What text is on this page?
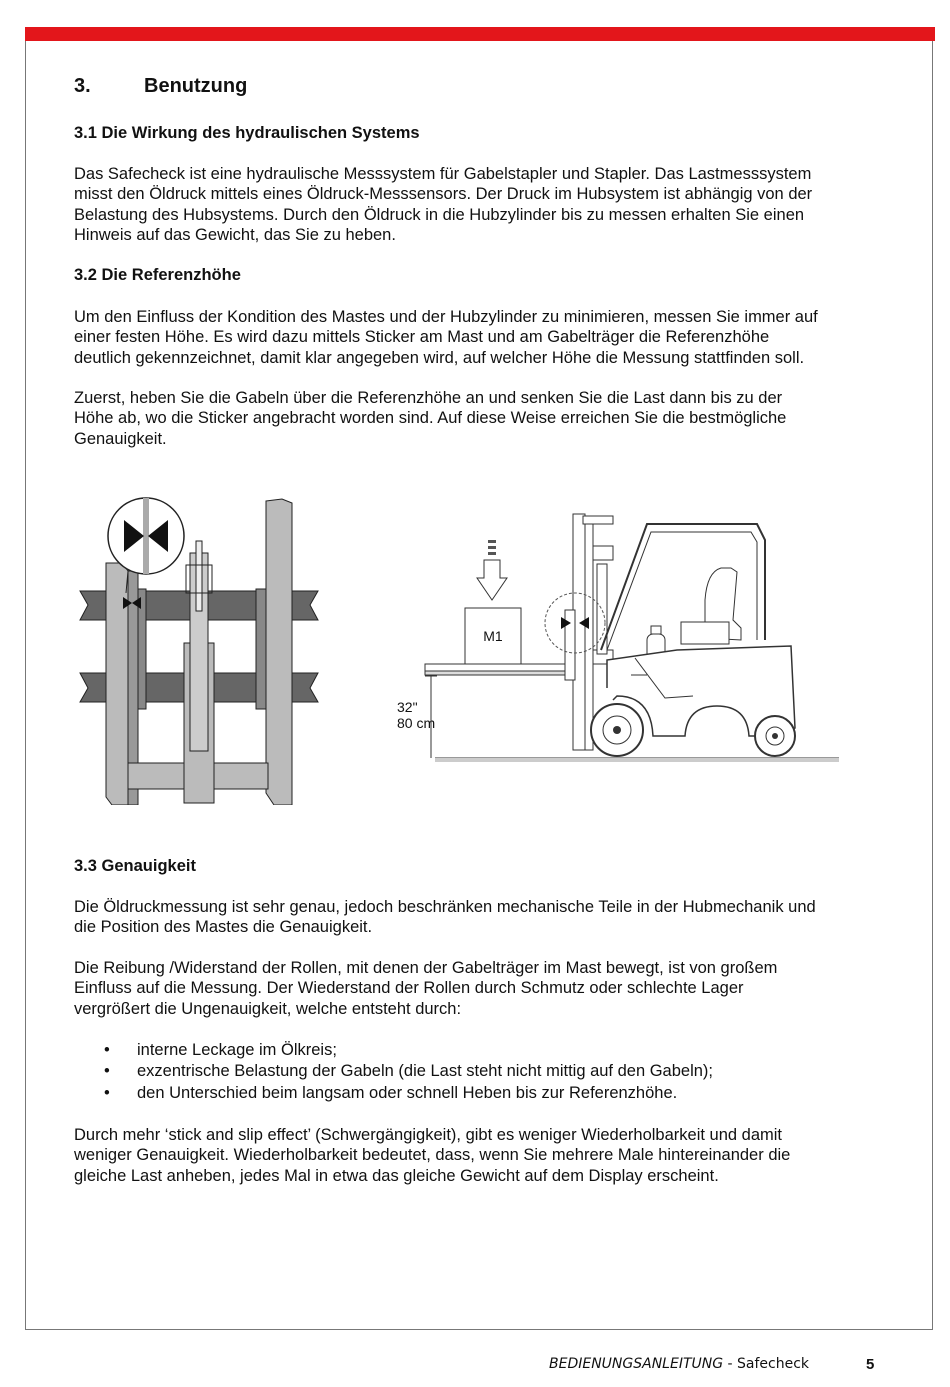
3.	Benutzung
3.1 Die Wirkung des hydraulischen Systems
Das Safecheck ist eine hydraulische Messsystem für Gabelstapler und Stapler. Das Lastmesssystem
misst den Öldruck mittels eines Öldruck-Messsensors. Der Druck im Hubsystem ist abhängig von der
Belastung des Hubsystems. Durch den Öldruck in die Hubzylinder bis zu messen erhalten Sie einen
Hinweis auf das Gewicht, das Sie zu heben.
3.2 Die Referenzhöhe
Um den Einfluss der Kondition des Mastes und der Hubzylinder zu minimieren, messen Sie immer auf
einer festen Höhe. Es wird dazu mittels Sticker am Mast und am Gabelträger die Referenzhöhe
deutlich gekennzeichnet, damit klar angegeben wird, auf welcher Höhe die Messung stattfinden soll.
Zuerst, heben Sie die Gabeln über die Referenzhöhe an und senken Sie die Last dann bis zu der
Höhe ab, wo die Sticker angebracht worden sind. Auf diese Weise erreichen Sie die bestmögliche
Genauigkeit.
3.3 Genauigkeit
Die Öldruckmessung ist sehr genau, jedoch beschränken mechanische Teile in der Hubmechanik und
die Position des Mastes die Genauigkeit.
Die Reibung /Widerstand der Rollen, mit denen der Gabelträger im Mast bewegt, ist von großem
Einfluss auf die Messung. Der Wiederstand der Rollen durch Schmutz oder schlechte Lager
vergrößert die Ungenauigkeit, welche entsteht durch:
• interne Leckage im Ölkreis;
• exzentrische Belastung der Gabeln (die Last steht nicht mittig auf den Gabeln);
• den Unterschied beim langsam oder schnell Heben bis zur Referenzhöhe.
Durch mehr ‘stick and slip effect’ (Schwergängigkeit), gibt es weniger Wiederholbarkeit und damit
weniger Genauigkeit. Wiederholbarkeit bedeutet, dass, wenn Sie mehrere Male hintereinander die
gleiche Last anheben, jedes Mal in etwa das gleiche Gewicht auf dem Display erscheint.
M1
32"
80 cm
BEDIENUNGSANLEITUNG - Safecheck	5
